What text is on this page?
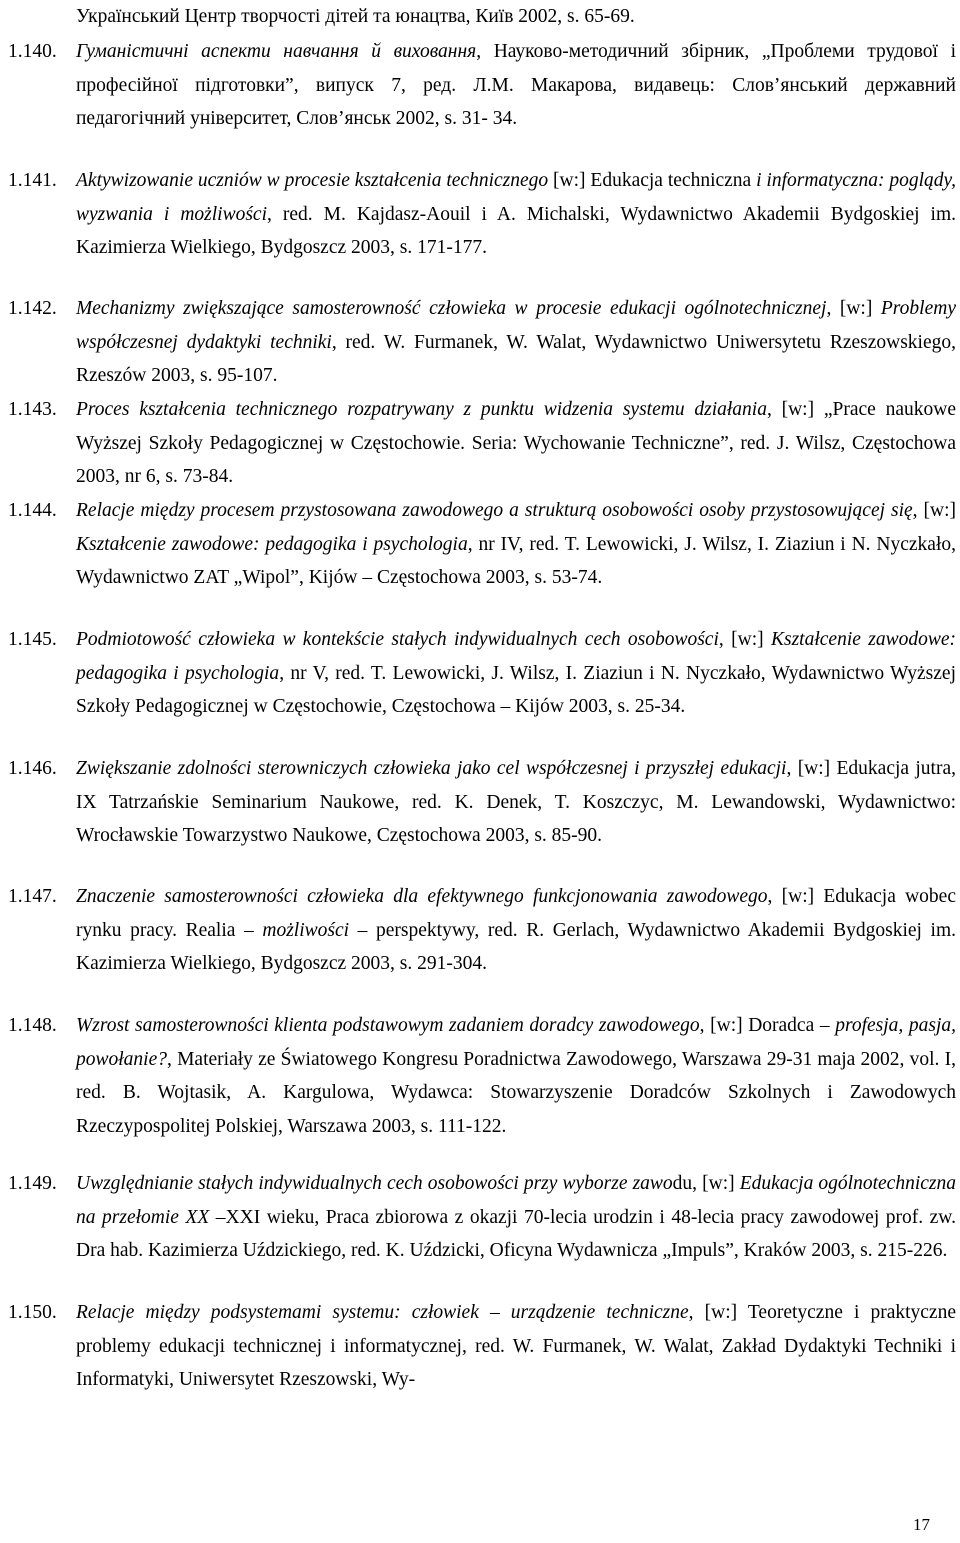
Український Центр творчості дітей та юнацтва, Київ 2002, s. 65-69.
1.140. Гуманістичні аспекти навчання й виховання, Науково-методичний збірник, „Проблеми трудової і професійної підготовки”, випуск 7, ред. Л.М. Макарова, видавець: Слов’янський державний педагогічний університет, Слов’янськ 2002, s. 31- 34.
1.141. Aktywizowanie uczniów w procesie kształcenia technicznego [w:] Edukacja techniczna i informatyczna: poglądy, wyzwania i możliwości, red. M. Kajdasz-Aouil i A. Michalski, Wydawnictwo Akademii Bydgoskiej im. Kazimierza Wielkiego, Bydgoszcz 2003, s. 171-177.
1.142. Mechanizmy zwiększające samosterowność człowieka w procesie edukacji ogólnotechnicznej, [w:] Problemy współczesnej dydaktyki techniki, red. W. Furmanek, W. Walat, Wydawnictwo Uniwersytetu Rzeszowskiego, Rzeszów 2003, s. 95-107.
1.143. Proces kształcenia technicznego rozpatrywany z punktu widzenia systemu działania, [w:] „Prace naukowe Wyższej Szkoły Pedagogicznej w Częstochowie. Seria: Wychowanie Techniczne”, red. J. Wilsz, Częstochowa 2003, nr 6, s. 73-84.
1.144. Relacje między procesem przystosowana zawodowego a strukturą osobowości osoby przystosowującej się, [w:] Kształcenie zawodowe: pedagogika i psychologia, nr IV, red. T. Lewowicki, J. Wilsz, I. Ziaziun i N. Nyczkało, Wydawnictwo ZAT „Wipol”, Kijów – Częstochowa 2003, s. 53-74.
1.145. Podmiotowość człowieka w kontekście stałych indywidualnych cech osobowości, [w:] Kształcenie zawodowe: pedagogika i psychologia, nr V, red. T. Lewowicki, J. Wilsz, I. Ziaziun i N. Nyczkało, Wydawnictwo Wyższej Szkoły Pedagogicznej w Częstochowie, Częstochowa – Kijów 2003, s. 25-34.
1.146. Zwiększanie zdolności sterowniczych człowieka jako cel współczesnej i przyszłej edukacji, [w:] Edukacja jutra, IX Tatrzańskie Seminarium Naukowe, red. K. Denek, T. Koszczyc, M. Lewandowski, Wydawnictwo: Wrocławskie Towarzystwo Naukowe, Częstochowa 2003, s. 85-90.
1.147. Znaczenie samosterowności człowieka dla efektywnego funkcjonowania zawodowego, [w:] Edukacja wobec rynku pracy. Realia – możliwości – perspektywy, red. R. Gerlach, Wydawnictwo Akademii Bydgoskiej im. Kazimierza Wielkiego, Bydgoszcz 2003, s. 291-304.
1.148. Wzrost samosterowności klienta podstawowym zadaniem doradcy zawodowego, [w:] Doradca – profesja, pasja, powołanie?, Materiały ze Światowego Kongresu Poradnictwa Zawodowego, Warszawa 29-31 maja 2002, vol. I, red. B. Wojtasik, A. Kargulowa, Wydawca: Stowarzyszenie Doradców Szkolnych i Zawodowych Rzeczypospolitej Polskiej, Warszawa 2003, s. 111-122.
1.149. Uwzględnianie stałych indywidualnych cech osobowości przy wyborze zawodu, [w:] Edukacja ogólnotechniczna na przełomie XX –XXI wieku, Praca zbiorowa z okazji 70-lecia urodzin i 48-lecia pracy zawodowej prof. zw. Dra hab. Kazimierza Uździckiego, red. K. Uździcki, Oficyna Wydawnicza „Impuls”, Kraków 2003, s. 215-226.
1.150. Relacje między podsystemami systemu: człowiek – urządzenie techniczne, [w:] Teoretyczne i praktyczne problemy edukacji technicznej i informatycznej, red. W. Furmanek, W. Walat, Zakład Dydaktyki Techniki i Informatyki, Uniwersytet Rzeszowski, Wy-
17
